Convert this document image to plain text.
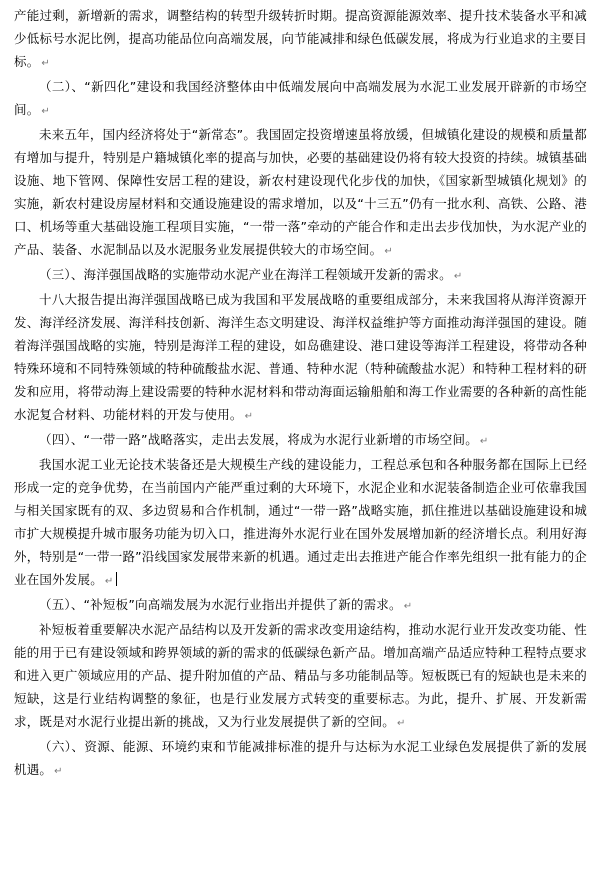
产能过剩，新增新的需求，调整结构的转型升级转折时期。提高资源能源效率、提升技术装备水平和减少低标号水泥比例，提高功能品位向高端发展，向节能减排和绿色低碳发展，将成为行业追求的主要目标。 ↵

（二）、“新四化”建设和我国经济整体由中低端发展向中高端发展为水泥工业发展开辟新的市场空间。 ↵

未来五年，国内经济将处于“新常态”。我国固定投资增速虽将放缓，但城镇化建设的规模和质量都有增加与提升，特别是户籍城镇化率的提高与加快，必要的基础建设仍将有较大投资的持续。城镇基础设施、地下管网、保障性安居工程的建设，新农村建设现代化步伐的加快，《国家新型城镇化规划》的实施，新农村建设房屋材料和交通设施建设的需求增加，以及“十三五”仍有一批水利、高铁、公路、港口、机场等重大基础设施工程项目实施，“一带一落”牵动的产能合作和走出去步伐加快，为水泥产业的产品、装备、水泥制品以及水泥服务业发展提供较大的市场空间。 ↵

（三）、海洋强国战略的实施带动水泥产业在海洋工程领域开发新的需求。 ↵

十八大报告提出海洋强国战略已成为我国和平发展战略的重要组成部分，未来我国将从海洋资源开发、海洋经济发展、海洋科技创新、海洋生态文明建设、海洋权益维护等方面推动海洋强国的建设。随着海洋强国战略的实施，特别是海洋工程的建设，如岛礁建设、港口建设等海洋工程建设，将带动各种特殊环境和不同特殊领域的特种硫酸盐水泥、普通、特种水泥（特种硫酸盐水泥）和特种工程材料的研发和应用，将带动海上建设需要的特种水泥材料和带动海面运输船舶和海工作业需要的各种新的高性能水泥复合材料、功能材料的开发与使用。 ↵

（四）、“一带一路”战略落实，走出去发展，将成为水泥行业新增的市场空间。 ↵

我国水泥工业无论技术装备还是大规模生产线的建设能力，工程总承包和各种服务都在国际上已经形成一定的竞争优势，在当前国内产能严重过剩的大环境下，水泥企业和水泥装备制造企业可依靠我国与相关国家既有的双、多边贸易和合作机制，通过“一带一路”战略实施，抓住推进以基础设施建设和城市扩大规模提升城市服务功能为切入口，推进海外水泥行业在国外发展增加新的经济增长点。利用好海外，特别是“一带一路”沿线国家发展带来新的机遇。通过走出去推进产能合作率先组织一批有能力的企业在国外发展。 ↵

（五）、“补短板”向高端发展为水泥行业指出并提供了新的需求。 ↵

补短板着重要解决水泥产品结构以及开发新的需求改变用途结构，推动水泥行业开发改变功能、性能的用于已有建设领域和跨界领域的新的需求的低碳绿色新产品。增加高端产品适应特种工程特点要求和进入更广领域应用的产品、提升附加值的产品、精品与多功能制品等。短板既已有的短缺也是未来的短缺，这是行业结构调整的象征，也是行业发展方式转变的重要标志。为此，提升、扩展、开发新需求，既是对水泥行业提出新的挑战，又为行业发展提供了新的空间。 ↵

（六）、资源、能源、环境约束和节能减排标准的提升与达标为水泥工业绿色发展提供了新的发展机遇。 ↵
